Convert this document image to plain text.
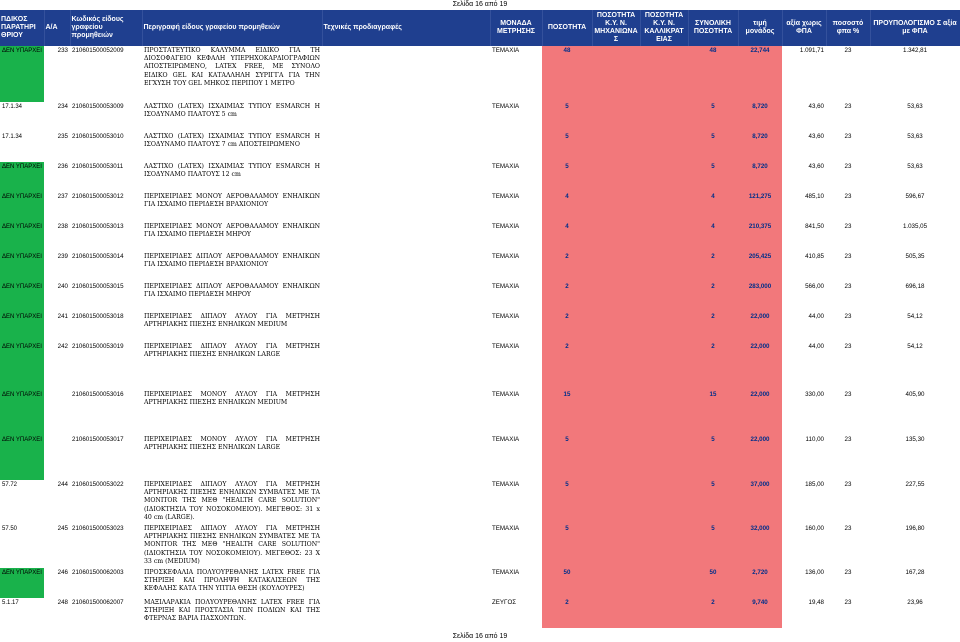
Σελίδα 16 από 19
ΠΔΙΚΟΣ ΠΑΡΑΤΗΡΙ ΘΡΙΟΥ	Α/Α	Κωδικός είδους γραφείου προμηθειών	Περιγραφή είδους γραφείου προμηθειών	Τεχνικές προδιαγραφές	ΜΟΝΑΔΑ ΜΕΤΡΗΣΗΣ	ΠΟΣΟΤΗΤΑ	ΠΟΣΟΤΗΤΑ Κ.Υ. Ν. ΜΗΧΑΝΙΩΝΑ Σ	ΠΟΣΟΤΗΤΑ Κ.Υ. Ν. ΚΑΛΛΙΚΡΑΤ ΕΙΑΣ	ΣΥΝΟΛΙΚΗ ΠΟΣΟΤΗΤΑ	τιμή μονάδος	αξία χωρις ΦΠΑ	ποσοστό φπα %	ΠΡΟΥΠΟΛΟΓΙΣΜΟ Σ αξία με ΦΠΑ
ΔΕΝ ΥΠΑΡΧΕΙ	233	210601500052009	ΠΡΟΣΤΑΤΕΥΤΙΚΟ ΚΑΛΥΜΜΑ ΕΙΔΙΚΟ ΓΙΑ ΤΗ ΔΙΟΣΟΦΑΓΕΙΟ ΚΕΦΑΛΗ ΥΠΕΡΗΧΟΚΑΡΔΙΟΓΡΑΦΙΩΝ ΑΠΟΣΤΕΙΡΩΜΕΝΟ, LATEX FREE, ΜΕ ΣΥΝΟΛΟ ΕΙΔΙΚΟ GEL ΚΑΙ ΚΑΤΑΛΛΗΛΗ ΣΥΡΙΓΓΑ ΓΙΑ ΤΗΝ ΕΓΧΥΣΗ ΤΟΥ GEL ΜΗΚΟΣ ΠΕΡΙΠΟΥ 1 ΜΕΤΡΟ		ΤΕΜΑΧΙΑ	48			48	22,744	1.091,71	23	1.342,81
17.1.34	234	210601500053009	ΛΑΣΤΙΧΟ (LATEX) ΙΣΧΑΙΜΙΑΣ ΤΥΠΟΥ ESMARCH Η ΙΣΟΔΥΝΑΜΟ ΠΛΑΤΟΥΣ 5 cm		ΤΕΜΑΧΙΑ	5			5	8,720	43,60	23	53,63
17.1.34	235	210601500053010	ΛΑΣΤΙΧΟ (LATEX) ΙΣΧΑΙΜΙΑΣ ΤΥΠΟΥ ESMARCH Η ΙΣΟΔΥΝΑΜΟ ΠΛΑΤΟΥΣ 7 cm ΑΠΟΣΤΕΙΡΩΜΕΝΟ			5			5	8,720	43,60	23	53,63
ΔΕΝ ΥΠΑΡΧΕΙ	236	210601500053011	ΛΑΣΤΙΧΟ (LATEX) ΙΣΧΑΙΜΙΑΣ ΤΥΠΟΥ ESMARCH Η ΙΣΟΔΥΝΑΜΟ ΠΛΑΤΟΥΣ 12 cm		ΤΕΜΑΧΙΑ	5			5	8,720	43,60	23	53,63
ΔΕΝ ΥΠΑΡΧΕΙ	237	210601500053012	ΠΕΡΙΧΕΙΡΙΔΕΣ ΜΟΝΟΥ ΑΕΡΟΘΑΛΑΜΟΥ ΕΝΗΛΙΚΩΝ ΓΙΑ ΙΣΧΑΙΜΟ ΠΕΡΙΔΕΣΗ ΒΡΑΧΙΟΝΙΟΥ		ΤΕΜΑΧΙΑ	4			4	121,275	485,10	23	596,67
ΔΕΝ ΥΠΑΡΧΕΙ	238	210601500053013	ΠΕΡΙΧΕΙΡΙΔΕΣ ΜΟΝΟΥ ΑΕΡΟΘΑΛΑΜΟΥ ΕΝΗΛΙΚΩΝ ΓΙΑ ΙΣΧΑΙΜΟ ΠΕΡΙΔΕΣΗ ΜΗΡΟΥ		ΤΕΜΑΧΙΑ	4			4	210,375	841,50	23	1.035,05
ΔΕΝ ΥΠΑΡΧΕΙ	239	210601500053014	ΠΕΡΙΧΕΙΡΙΔΕΣ ΔΙΠΛΟΥ ΑΕΡΟΘΑΛΑΜΟΥ ΕΝΗΛΙΚΩΝ ΓΙΑ ΙΣΧΑΙΜΟ ΠΕΡΙΔΕΣΗ ΒΡΑΧΙΟΝΙΟΥ		ΤΕΜΑΧΙΑ	2			2	205,425	410,85	23	505,35
ΔΕΝ ΥΠΑΡΧΕΙ	240	210601500053015	ΠΕΡΙΧΕΙΡΙΔΕΣ ΔΙΠΛΟΥ ΑΕΡΟΘΑΛΑΜΟΥ ΕΝΗΛΙΚΩΝ ΓΙΑ ΙΣΧΑΙΜΟ ΠΕΡΙΔΕΣΗ ΜΗΡΟΥ		ΤΕΜΑΧΙΑ	2			2	283,000	566,00	23	696,18
ΔΕΝ ΥΠΑΡΧΕΙ	241	210601500053018	ΠΕΡΙΧΕΙΡΙΔΕΣ ΔΙΠΛΟΥ ΑΥΛΟΥ ΓΙΑ ΜΕΤΡΗΣΗ ΑΡΤΗΡΙΑΚΗΣ ΠΙΕΣΗΣ ΕΝΗΛΙΚΩΝ MEDIUM		ΤΕΜΑΧΙΑ	2			2	22,000	44,00	23	54,12
ΔΕΝ ΥΠΑΡΧΕΙ	242	210601500053019	ΠΕΡΙΧΕΙΡΙΔΕΣ ΔΙΠΛΟΥ ΑΥΛΟΥ ΓΙΑ ΜΕΤΡΗΣΗ ΑΡΤΗΡΙΑΚΗΣ ΠΙΕΣΗΣ ΕΝΗΛΙΚΩΝ LARGE		ΤΕΜΑΧΙΑ	2			2	22,000	44,00	23	54,12
ΔΕΝ ΥΠΑΡΧΕΙ		210601500053016	ΠΕΡΙΧΕΙΡΙΔΕΣ ΜΟΝΟΥ ΑΥΛΟΥ ΓΙΑ ΜΕΤΡΗΣΗ ΑΡΤΗΡΙΑΚΗΣ ΠΙΕΣΗΣ ΕΝΗΛΙΚΩΝ MEDIUM		ΤΕΜΑΧΙΑ	15			15	22,000	330,00	23	405,90
ΔΕΝ ΥΠΑΡΧΕΙ		210601500053017	ΠΕΡΙΧΕΙΡΙΔΕΣ ΜΟΝΟΥ ΑΥΛΟΥ ΓΙΑ ΜΕΤΡΗΣΗ ΑΡΤΗΡΙΑΚΗΣ ΠΙΕΣΗΣ ΕΝΗΛΙΚΩΝ LARGE		ΤΕΜΑΧΙΑ	5			5	22,000	110,00	23	135,30
57.72	244	210601500053022	ΠΕΡΙΧΕΙΡΙΔΕΣ ΔΙΠΛΟΥ ΑΥΛΟΥ ΓΙΑ ΜΕΤΡΗΣΗ ΑΡΤΗΡΙΑΚΗΣ ΠΙΕΣΗΣ ΕΝΗΛΙΚΩΝ ΣΥΜΒΑΤΕΣ ΜΕ ΤΑ MONITOR ΤΗΣ ΜΕΘ "HEALTH CARE SOLUTION" (ΙΔΙΟΚΤΗΣΙΑ ΤΟΥ ΝΟΣΟΚΟΜΕΙΟΥ). ΜΕΓΕΘΟΣ: 31 x 40 cm (LARGE).		ΤΕΜΑΧΙΑ	5			5	37,000	185,00	23	227,55
57.50	245	210601500053023	ΠΕΡΙΧΕΙΡΙΔΕΣ ΔΙΠΛΟΥ ΑΥΛΟΥ ΓΙΑ ΜΕΤΡΗΣΗ ΑΡΤΗΡΙΑΚΗΣ ΠΙΕΣΗΣ ΕΝΗΛΙΚΩΝ ΣΥΜΒΑΤΕΣ ΜΕ ΤΑ MONITOR ΤΗΣ ΜΕΘ "HEALTH CARE SOLUTION" (ΙΔΙΟΚΤΗΣΙΑ ΤΟΥ ΝΟΣΟΚΟΜΕΙΟΥ). ΜΕΓΕΘΟΣ: 23 X 33 cm (MEDIUM)		ΤΕΜΑΧΙΑ	5			5	32,000	160,00	23	196,80
ΔΕΝ ΥΠΑΡΧΕΙ	246	210601500062003	ΠΡΟΣΚΕΦΑΛΙΑ ΠΟΛΥΟΥΡΕΘΑΝΗΣ LATEX FREE ΓΙΑ ΣΤΗΡΙΞΗ ΚΑΙ ΠΡΟΛΗΨΗ ΚΑΤΑΚΛΙΣΕΩΝ ΤΗΣ ΚΕΦΑΛΗΣ ΚΑΤΑ ΤΗΝ ΥΠΤΙΑ ΘΕΣΗ (ΚΟΥΛΟΥΡΕΣ)		ΤΕΜΑΧΙΑ	50			50	2,720	136,00	23	167,28
5.1.17	248	210601500062007	ΜΑΞΙΛΑΡΑΚΙΑ ΠΟΛΥΟΥΡΕΘΑΝΗΣ LATEX FREE ΓΙΑ ΣΤΗΡΙΞΗ ΚΑΙ ΠΡΟΣΤΑΣΙΑ ΤΩΝ ΠΟΔΙΩΝ ΚΑΙ ΤΗΣ ΦΤΕΡΝΑΣ ΒΑΡΙΑ ΠΑΣΧΟΝΤΩΝ.		ΖΕΥΓΟΣ	2			2	9,740	19,48	23	23,96
Σελίδα 16 από 19
